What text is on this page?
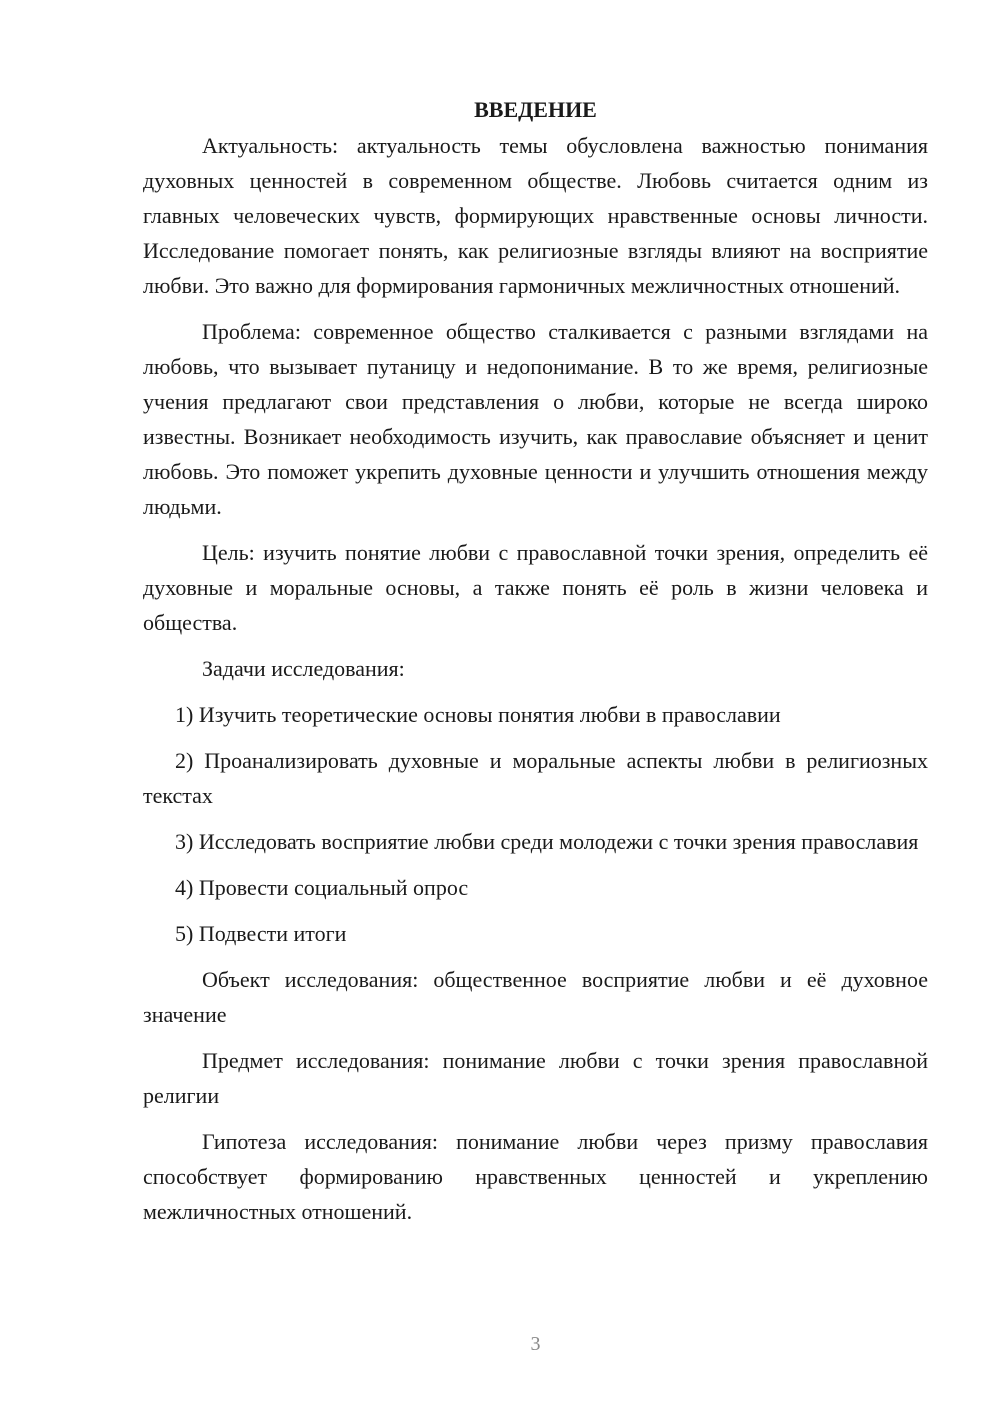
ВВЕДЕНИЕ

Актуальность: актуальность темы обусловлена важностью понимания духовных ценностей в современном обществе. Любовь считается одним из главных человеческих чувств, формирующих нравственные основы личности. Исследование помогает понять, как религиозные взгляды влияют на восприятие любви. Это важно для формирования гармоничных межличностных отношений.

Проблема: современное общество сталкивается с разными взглядами на любовь, что вызывает путаницу и недопонимание. В то же время, религиозные учения предлагают свои представления о любви, которые не всегда широко известны. Возникает необходимость изучить, как православие объясняет и ценит любовь. Это поможет укрепить духовные ценности и улучшить отношения между людьми.

Цель: изучить понятие любви с православной точки зрения, определить её духовные и моральные основы, а также понять её роль в жизни человека и общества.

Задачи исследования:

1) Изучить теоретические основы понятия любви в православии

2) Проанализировать духовные и моральные аспекты любви в религиозных текстах

3) Исследовать восприятие любви среди молодежи с точки зрения православия

4) Провести социальный опрос

5) Подвести итоги

Объект исследования: общественное восприятие любви и её духовное значение

Предмет исследования: понимание любви с точки зрения православной религии

Гипотеза исследования: понимание любви через призму православия способствует формированию нравственных ценностей и укреплению межличностных отношений.

3
